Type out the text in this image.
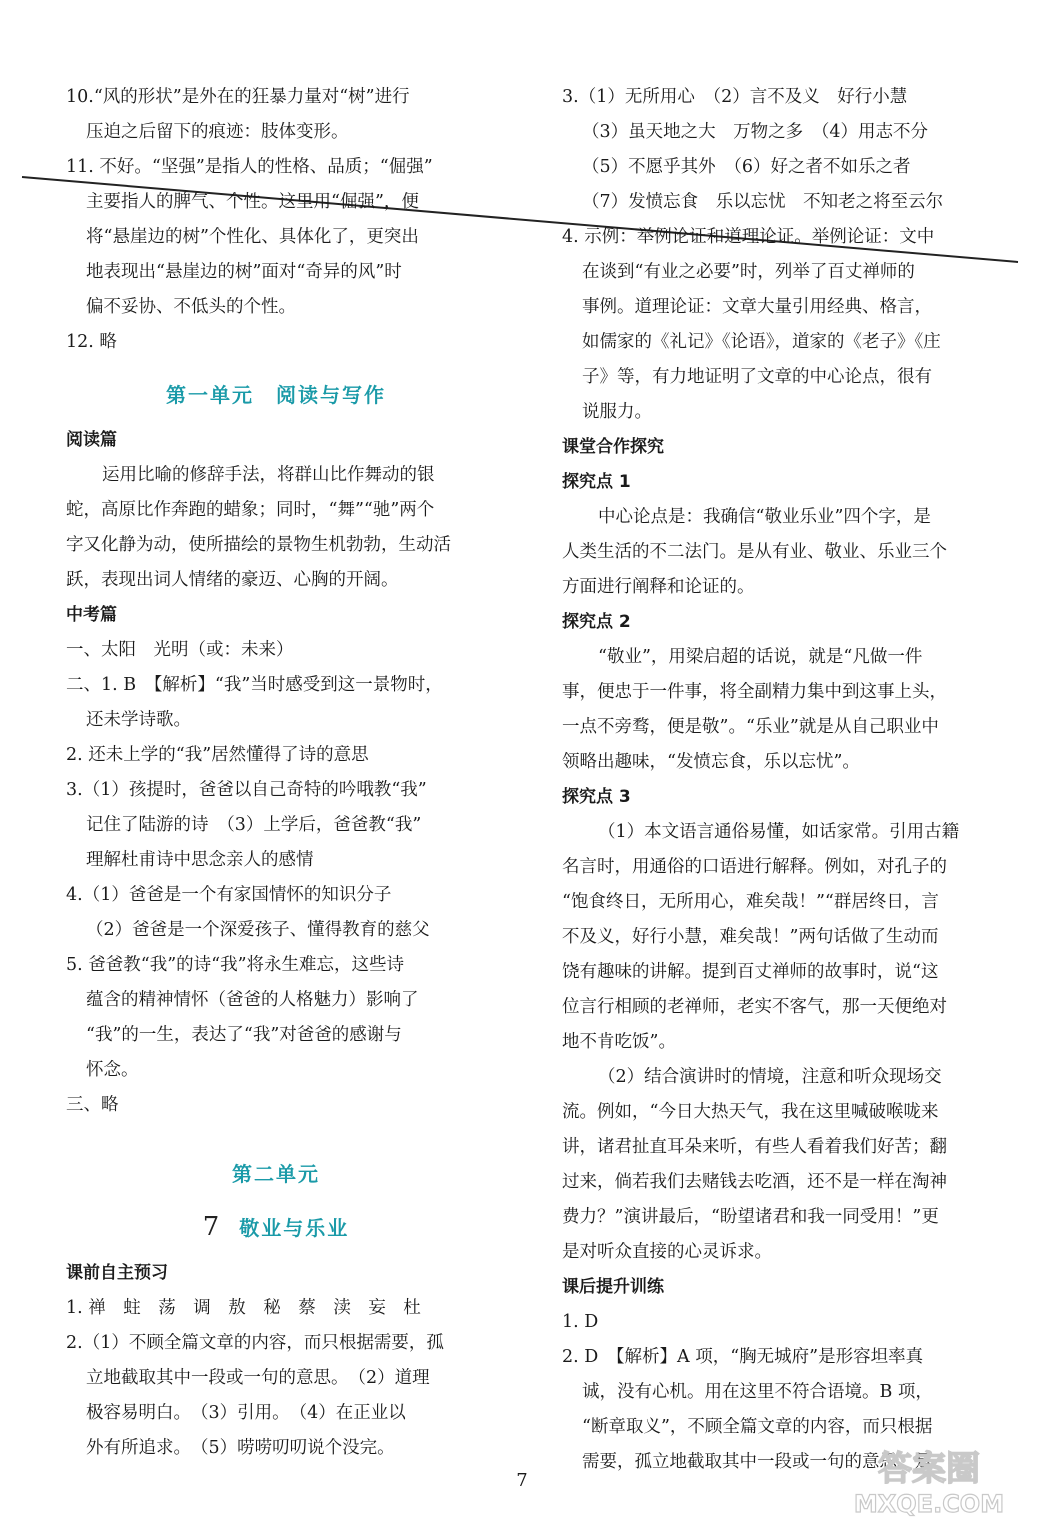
10.“风的形状”是外在的狂暴力量对“树”进行

压迫之后留下的痕迹：肢体变形。

11. 不好。“坚强”是指人的性格、品质；“倔强”

主要指人的脾气、个性。这里用“倔强”，便

将“悬崖边的树”个性化、具体化了，更突出

地表现出“悬崖边的树”面对“奇异的风”时

偏不妥协、不低头的个性。

12. 略

第一单元　阅读与写作

阅读篇

运用比喻的修辞手法，将群山比作舞动的银

蛇，高原比作奔跑的蜡象；同时，“舞”“驰”两个

字又化静为动，使所描绘的景物生机勃勃，生动活

跃，表现出词人情绪的豪迈、心胸的开阔。

中考篇

一、太阳　光明（或：未来）

二、1. B　【解析】“我”当时感受到这一景物时，

还未学诗歌。

2. 还未上学的“我”居然懂得了诗的意思

3.（1）孩提时，爸爸以自己奇特的吟哦教“我”

记住了陆游的诗　（3）上学后，爸爸教“我”

理解杜甫诗中思念亲人的感情

4.（1）爸爸是一个有家国情怀的知识分子

（2）爸爸是一个深爱孩子、懂得教育的慈父

5. 爸爸教“我”的诗“我”将永生难忘，这些诗

蕴含的精神情怀（爸爸的人格魅力）影响了

“我”的一生，表达了“我”对爸爸的感谢与

怀念。

三、略

第二单元
7 敬业与乐业

课前自主预习

1. 禅　蛀　荡　调　敖　秘　蔡　渎　妄　杜

2.（1）不顾全篇文章的内容，而只根据需要，孤

立地截取其中一段或一句的意思。　（2）道理

极容易明白。　（3）引用。　（4）在正业以

外有所追求。　（5）唠唠叨叨说个没完。

3.（1）无所用心　（2）言不及义　好行小慧

（3）虽天地之大　万物之多　（4）用志不分

（5）不愿乎其外　（6）好之者不如乐之者

（7）发愤忘食　乐以忘忧　不知老之将至云尔

4. 示例：举例论证和道理论证。举例论证：文中

在谈到“有业之必要”时，列举了百丈禅师的

事例。道理论证：文章大量引用经典、格言，

如儒家的《礼记》《论语》，道家的《老子》《庄

子》等，有力地证明了文章的中心论点，很有

说服力。

课堂合作探究

探究点 1

中心论点是：我确信“敬业乐业”四个字，是

人类生活的不二法门。是从有业、敬业、乐业三个

方面进行阐释和论证的。

探究点 2

“敬业”，用梁启超的话说，就是“凡做一件

事，便忠于一件事，将全副精力集中到这事上头，

一点不旁骛，便是敬”。“乐业”就是从自己职业中

领略出趣味，“发愤忘食，乐以忘忧”。

探究点 3

（1）本文语言通俗易懂，如话家常。引用古籍

名言时，用通俗的口语进行解释。例如，对孔子的

“饱食终日，无所用心，难矣哉！”“群居终日，言

不及义，好行小慧，难矣哉！”两句话做了生动而

饶有趣味的讲解。提到百丈禅师的故事时，说“这

位言行相顾的老禅师，老实不客气，那一天便绝对

地不肯吃饭”。

（2）结合演讲时的情境，注意和听众现场交

流。例如，“今日大热天气，我在这里喊破喉咙来

讲，诸君扯直耳朵来听，有些人看着我们好苦；翻

过来，倘若我们去赌钱去吃酒，还不是一样在淘神

费力？”演讲最后，“盼望诸君和我一同受用！”更

是对听众直接的心灵诉求。

课后提升训练

1. D

2. D　【解析】A 项，“胸无城府”是形容坦率真

诚，没有心机。用在这里不符合语境。B 项，

“断章取义”，不顾全篇文章的内容，而只根据

需要，孤立地截取其中一段或一句的意思。是

7	答案圈
MXQE.COM
